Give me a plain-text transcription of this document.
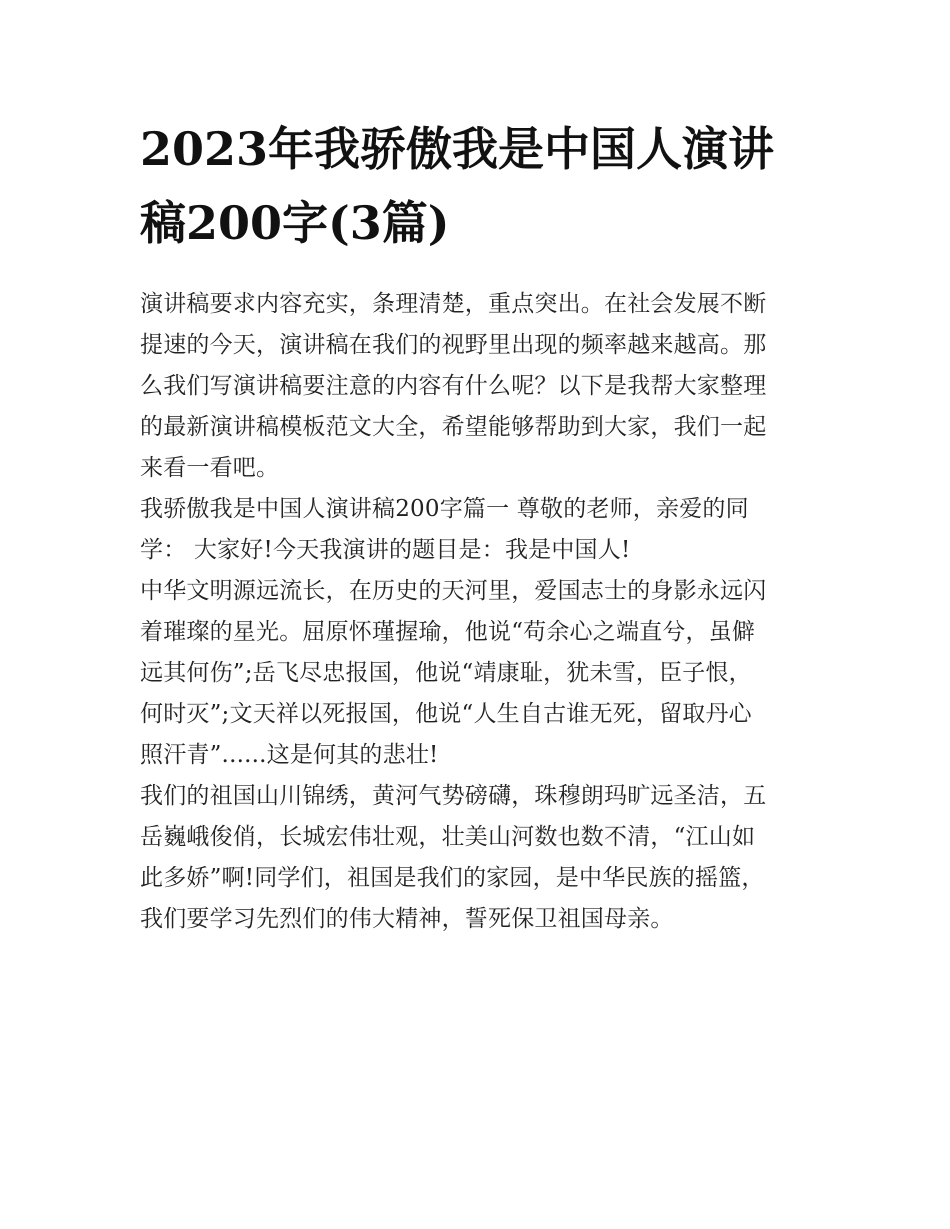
2023年我骄傲我是中国人演讲
稿200字(3篇)

演讲稿要求内容充实，条理清楚，重点突出。在社会发展不断
提速的今天，演讲稿在我们的视野里出现的频率越来越高。那
么我们写演讲稿要注意的内容有什么呢？以下是我帮大家整理
的最新演讲稿模板范文大全，希望能够帮助到大家，我们一起
来看一看吧。

我骄傲我是中国人演讲稿200字篇一 尊敬的老师，亲爱的同
学： 大家好!今天我演讲的题目是：我是中国人!

中华文明源远流长，在历史的天河里，爱国志士的身影永远闪
着璀璨的星光。屈原怀瑾握瑜，他说“苟余心之端直兮，虽僻
远其何伤”;岳飞尽忠报国，他说“靖康耻，犹未雪，臣子恨，
何时灭”;文天祥以死报国，他说“人生自古谁无死，留取丹心
照汗青”......这是何其的悲壮!

我们的祖国山川锦绣，黄河气势磅礴，珠穆朗玛旷远圣洁，五
岳巍峨俊俏，长城宏伟壮观，壮美山河数也数不清，“江山如
此多娇”啊!同学们，祖国是我们的家园，是中华民族的摇篮，
我们要学习先烈们的伟大精神，誓死保卫祖国母亲。
